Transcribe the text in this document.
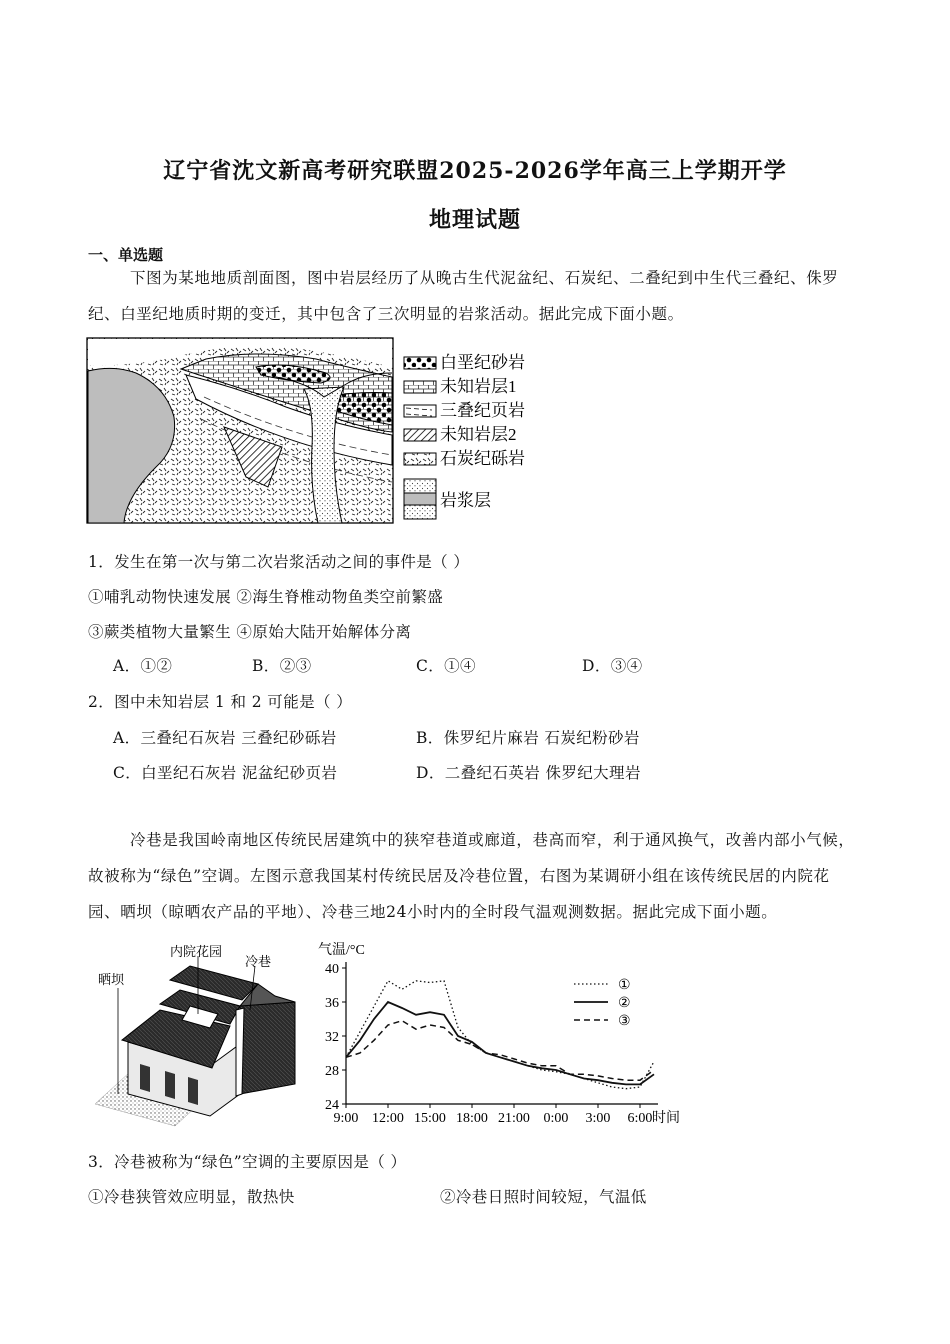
辽宁省沈文新高考研究联盟2025-2026学年高三上学期开学
地理试题
一、单选题
下图为某地地质剖面图，图中岩层经历了从晚古生代泥盆纪、石炭纪、二叠纪到中生代三叠纪、侏罗纪、白垩纪地质时期的变迁，其中包含了三次明显的岩浆活动。据此完成下面小题。
白垩纪砂岩
未知岩层1
三叠纪页岩
未知岩层2
石炭纪砾岩
岩浆层
1．发生在第一次与第二次岩浆活动之间的事件是（ ）
①哺乳动物快速发展 ②海生脊椎动物鱼类空前繁盛
③蕨类植物大量繁生 ④原始大陆开始解体分离
A．①②	B．②③	C．①④	D．③④
2．图中未知岩层 1 和 2 可能是（ ）
A．三叠纪石灰岩 三叠纪砂砾岩	B．侏罗纪片麻岩 石炭纪粉砂岩
C．白垩纪石灰岩 泥盆纪砂页岩	D．二叠纪石英岩 侏罗纪大理岩
冷巷是我国岭南地区传统民居建筑中的狭窄巷道或廊道，巷高而窄，利于通风换气，改善内部小气候，故被称为“绿色”空调。左图示意我国某村传统民居及冷巷位置，右图为某调研小组在该传统民居的内院花园、晒坝（晾晒农产品的平地）、冷巷三地24小时内的全时段气温观测数据。据此完成下面小题。
内院花园
冷巷
晒坝
气温/°C
时间
24
28
32
36
40
9:00 12:00 15:00 18:00 21:00 0:00 3:00 6:00
①
②
③
3．冷巷被称为“绿色”空调的主要原因是（ ）
①冷巷狭管效应明显，散热快	②冷巷日照时间较短，气温低
